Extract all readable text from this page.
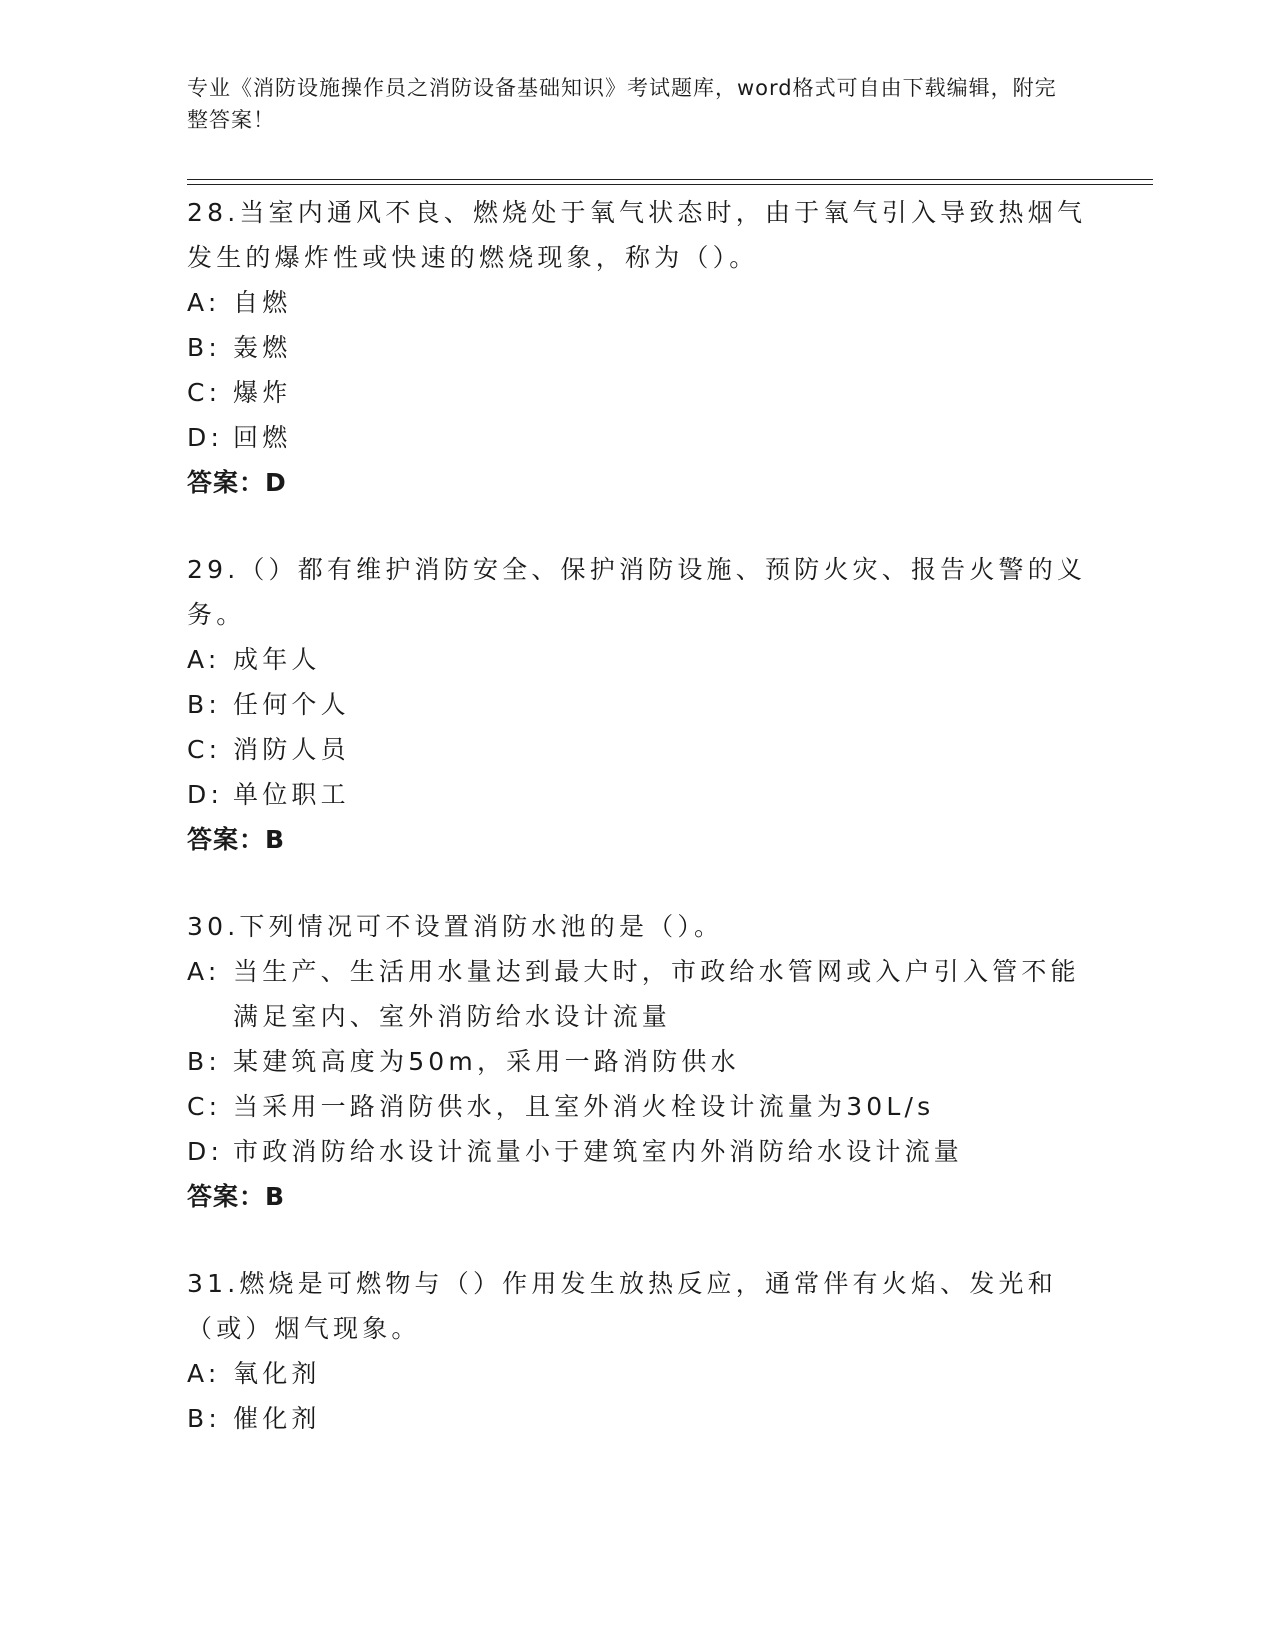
专业《消防设施操作员之消防设备基础知识》考试题库，word格式可自由下载编辑，附完整答案！

28.当室内通风不良、燃烧处于氧气状态时，由于氧气引入导致热烟气发生的爆炸性或快速的燃烧现象，称为（）。

A: 自燃

B: 轰燃

C: 爆炸

D: 回燃

答案：D

29.（）都有维护消防安全、保护消防设施、预防火灾、报告火警的义务。

A: 成年人

B: 任何个人

C: 消防人员

D: 单位职工

答案：B

30.下列情况可不设置消防水池的是（）。

A: 当生产、生活用水量达到最大时，市政给水管网或入户引入管不能满足室内、室外消防给水设计流量

B: 某建筑高度为50m，采用一路消防供水

C: 当采用一路消防供水，且室外消火栓设计流量为30L/s

D: 市政消防给水设计流量小于建筑室内外消防给水设计流量

答案：B

31.燃烧是可燃物与（）作用发生放热反应，通常伴有火焰、发光和（或）烟气现象。

A: 氧化剂

B: 催化剂
